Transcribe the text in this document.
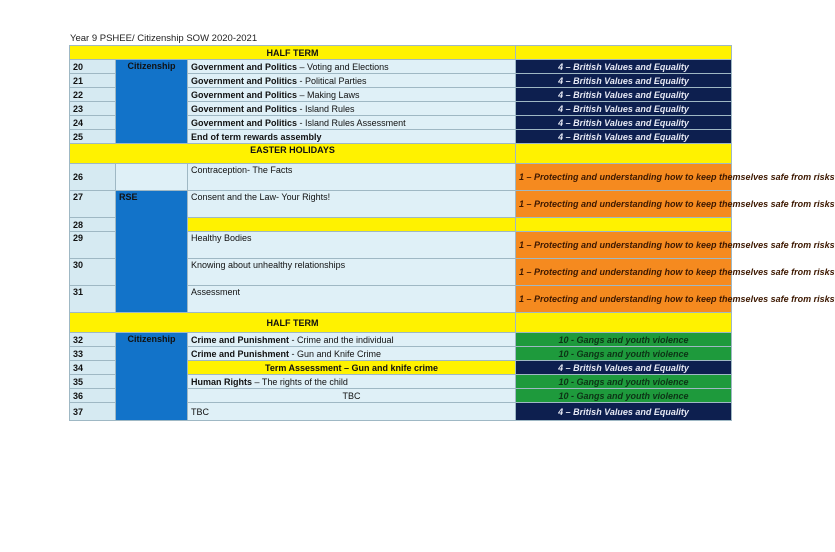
Year 9 PSHEE/ Citizenship SOW 2020-2021
HALF TERM			
20	Citizenship	Government and Politics – Voting and Elections	4 – British Values and Equality
21		Government and Politics - Political Parties	4 – British Values and Equality
22		Government and Politics – Making Laws	4 – British Values and Equality
23		Government and Politics - Island Rules	4 – British Values and Equality
24		Government and Politics - Island Rules Assessment	4 – British Values and Equality
25		End of term rewards assembly	4 – British Values and Equality
EASTER HOLIDAYS			
26		Contraception- The Facts	1 – Protecting and understanding how to keep themselves safe from risks
27	RSE	Consent and the Law- Your Rights!	1 – Protecting and understanding how to keep themselves safe from risks
28			
29		Healthy Bodies	1 – Protecting and understanding how to keep themselves safe from risks
30		Knowing about unhealthy relationships	1 – Protecting and understanding how to keep themselves safe from risks
31		Assessment	1 – Protecting and understanding how to keep themselves safe from risks
HALF TERM			
32	Citizenship	Crime and Punishment - Crime and the individual	10 - Gangs and youth violence
33		Crime and Punishment - Gun and Knife Crime	10 - Gangs and youth violence
34		Term Assessment – Gun and knife crime	4 – British Values and Equality
35		Human Rights – The rights of the child	10 - Gangs and youth violence
36		TBC	10 - Gangs and youth violence
37		TBC	4 – British Values and Equality
